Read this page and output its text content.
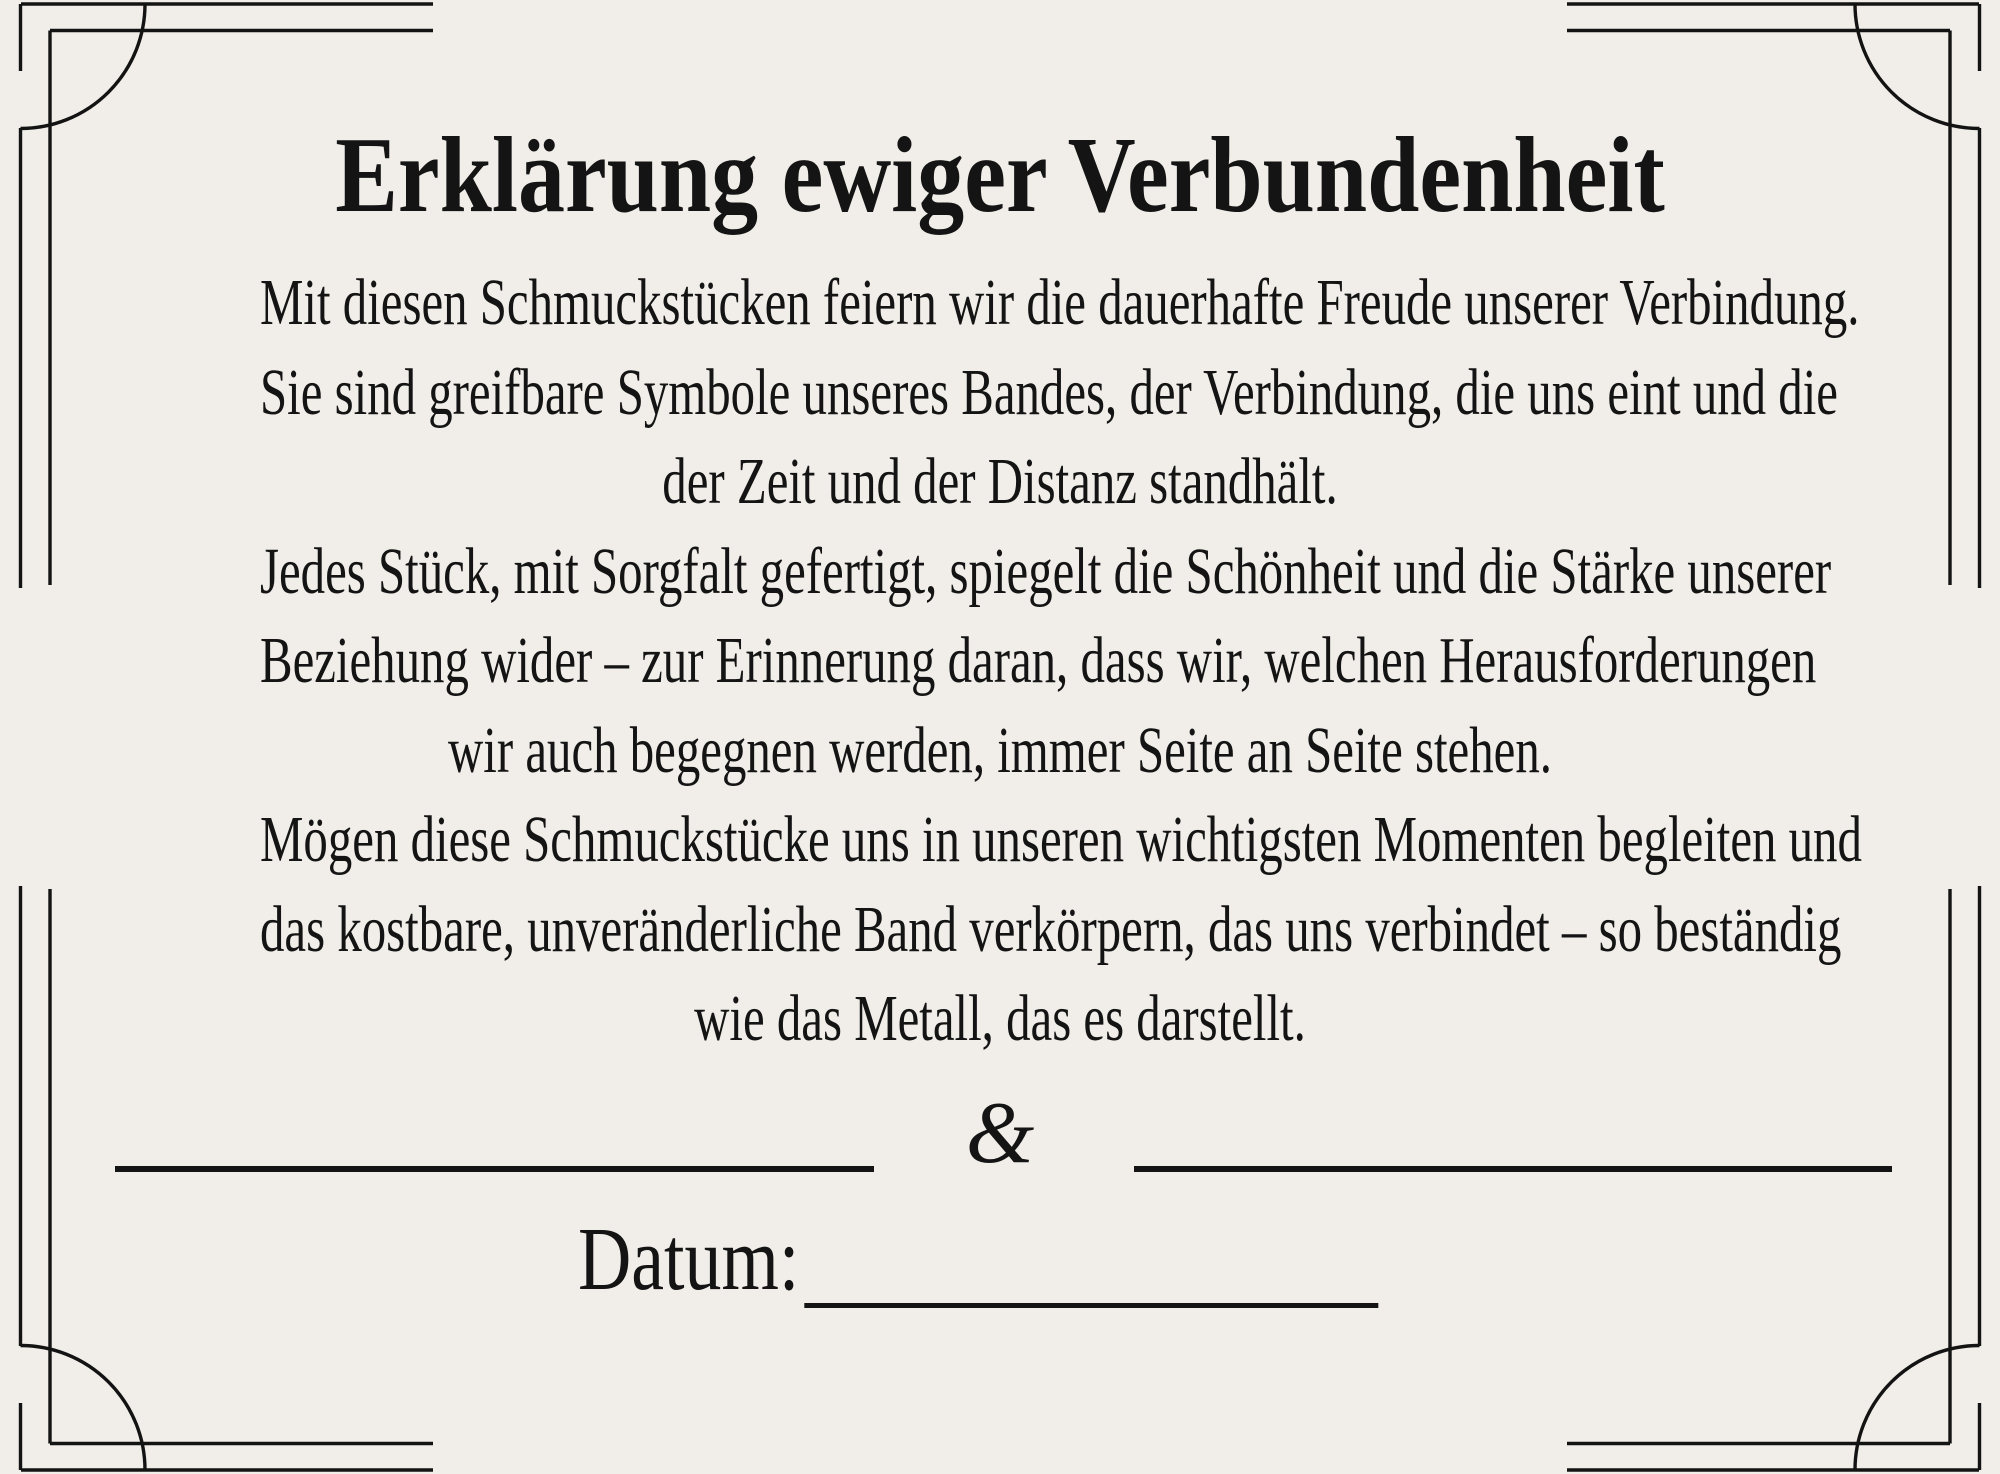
Erklärung ewiger Verbundenheit
Mit diesen Schmuckstücken feiern wir die dauerhafte Freude unserer Verbindung.
Sie sind greifbare Symbole unseres Bandes, der Verbindung, die uns eint und die
der Zeit und der Distanz standhält.
Jedes Stück, mit Sorgfalt gefertigt, spiegelt die Schönheit und die Stärke unserer
Beziehung wider – zur Erinnerung daran, dass wir, welchen Herausforderungen
wir auch begegnen werden, immer Seite an Seite stehen.
Mögen diese Schmuckstücke uns in unseren wichtigsten Momenten begleiten und
das kostbare, unveränderliche Band verkörpern, das uns verbindet – so beständig
wie das Metall, das es darstellt.
&
Datum:
